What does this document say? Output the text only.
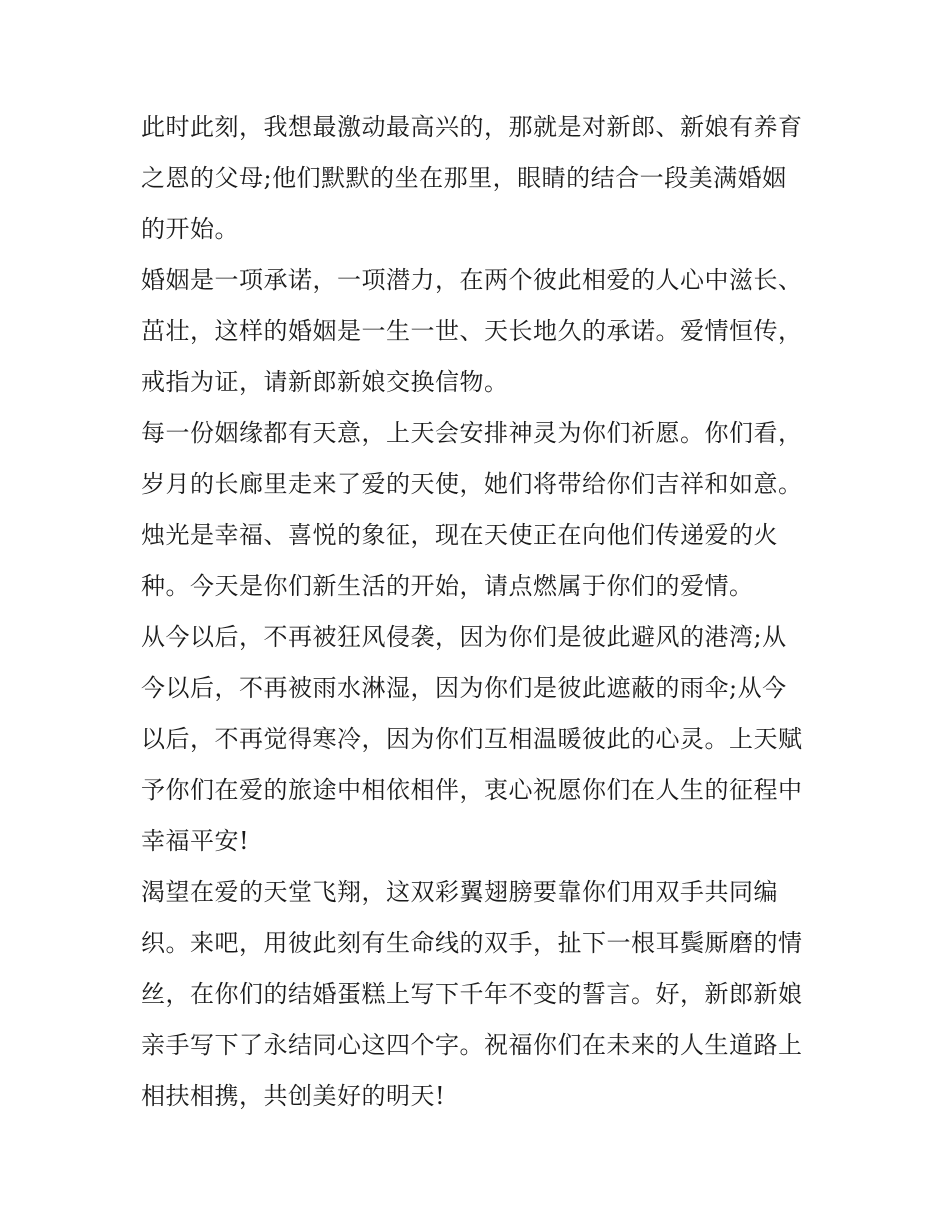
此时此刻，我想最激动最高兴的，那就是对新郎、新娘有养育
之恩的父母;他们默默的坐在那里，眼睛的结合一段美满婚姻
的开始。

婚姻是一项承诺，一项潜力，在两个彼此相爱的人心中滋长、
茁壮，这样的婚姻是一生一世、天长地久的承诺。爱情恒传，
戒指为证，请新郎新娘交换信物。

每一份姻缘都有天意，上天会安排神灵为你们祈愿。你们看，
岁月的长廊里走来了爱的天使，她们将带给你们吉祥和如意。
烛光是幸福、喜悦的象征，现在天使正在向他们传递爱的火
种。今天是你们新生活的开始，请点燃属于你们的爱情。

从今以后，不再被狂风侵袭，因为你们是彼此避风的港湾;从
今以后，不再被雨水淋湿，因为你们是彼此遮蔽的雨伞;从今
以后，不再觉得寒冷，因为你们互相温暖彼此的心灵。上天赋
予你们在爱的旅途中相依相伴，衷心祝愿你们在人生的征程中
幸福平安!

渴望在爱的天堂飞翔，这双彩翼翅膀要靠你们用双手共同编
织。来吧，用彼此刻有生命线的双手，扯下一根耳鬓厮磨的情
丝，在你们的结婚蛋糕上写下千年不变的誓言。好，新郎新娘
亲手写下了永结同心这四个字。祝福你们在未来的人生道路上
相扶相携，共创美好的明天!
